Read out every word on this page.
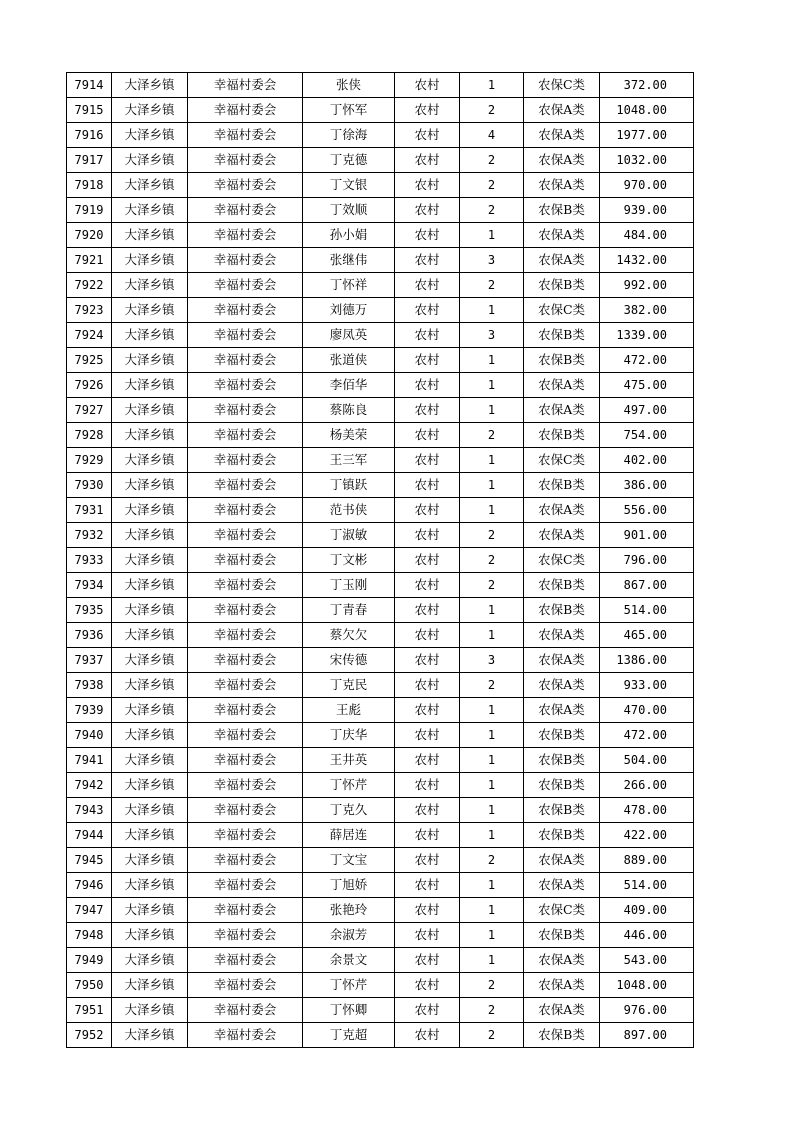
7914	大泽乡镇	幸福村委会	张侠	农村	1	农保C类	372.00
7915	大泽乡镇	幸福村委会	丁怀军	农村	2	农保A类	1048.00
7916	大泽乡镇	幸福村委会	丁徐海	农村	4	农保A类	1977.00
7917	大泽乡镇	幸福村委会	丁克德	农村	2	农保A类	1032.00
7918	大泽乡镇	幸福村委会	丁文银	农村	2	农保A类	970.00
7919	大泽乡镇	幸福村委会	丁效顺	农村	2	农保B类	939.00
7920	大泽乡镇	幸福村委会	孙小娟	农村	1	农保A类	484.00
7921	大泽乡镇	幸福村委会	张继伟	农村	3	农保A类	1432.00
7922	大泽乡镇	幸福村委会	丁怀祥	农村	2	农保B类	992.00
7923	大泽乡镇	幸福村委会	刘德万	农村	1	农保C类	382.00
7924	大泽乡镇	幸福村委会	廖凤英	农村	3	农保B类	1339.00
7925	大泽乡镇	幸福村委会	张道侠	农村	1	农保B类	472.00
7926	大泽乡镇	幸福村委会	李佰华	农村	1	农保A类	475.00
7927	大泽乡镇	幸福村委会	蔡陈良	农村	1	农保A类	497.00
7928	大泽乡镇	幸福村委会	杨美荣	农村	2	农保B类	754.00
7929	大泽乡镇	幸福村委会	王三军	农村	1	农保C类	402.00
7930	大泽乡镇	幸福村委会	丁镇跃	农村	1	农保B类	386.00
7931	大泽乡镇	幸福村委会	范书侠	农村	1	农保A类	556.00
7932	大泽乡镇	幸福村委会	丁淑敏	农村	2	农保A类	901.00
7933	大泽乡镇	幸福村委会	丁文彬	农村	2	农保C类	796.00
7934	大泽乡镇	幸福村委会	丁玉刚	农村	2	农保B类	867.00
7935	大泽乡镇	幸福村委会	丁青春	农村	1	农保B类	514.00
7936	大泽乡镇	幸福村委会	蔡欠欠	农村	1	农保A类	465.00
7937	大泽乡镇	幸福村委会	宋传德	农村	3	农保A类	1386.00
7938	大泽乡镇	幸福村委会	丁克民	农村	2	农保A类	933.00
7939	大泽乡镇	幸福村委会	王彪	农村	1	农保A类	470.00
7940	大泽乡镇	幸福村委会	丁庆华	农村	1	农保B类	472.00
7941	大泽乡镇	幸福村委会	王井英	农村	1	农保B类	504.00
7942	大泽乡镇	幸福村委会	丁怀芹	农村	1	农保B类	266.00
7943	大泽乡镇	幸福村委会	丁克久	农村	1	农保B类	478.00
7944	大泽乡镇	幸福村委会	薛居连	农村	1	农保B类	422.00
7945	大泽乡镇	幸福村委会	丁文宝	农村	2	农保A类	889.00
7946	大泽乡镇	幸福村委会	丁旭娇	农村	1	农保A类	514.00
7947	大泽乡镇	幸福村委会	张艳玲	农村	1	农保C类	409.00
7948	大泽乡镇	幸福村委会	余淑芳	农村	1	农保B类	446.00
7949	大泽乡镇	幸福村委会	余景文	农村	1	农保A类	543.00
7950	大泽乡镇	幸福村委会	丁怀芹	农村	2	农保A类	1048.00
7951	大泽乡镇	幸福村委会	丁怀卿	农村	2	农保A类	976.00
7952	大泽乡镇	幸福村委会	丁克超	农村	2	农保B类	897.00
